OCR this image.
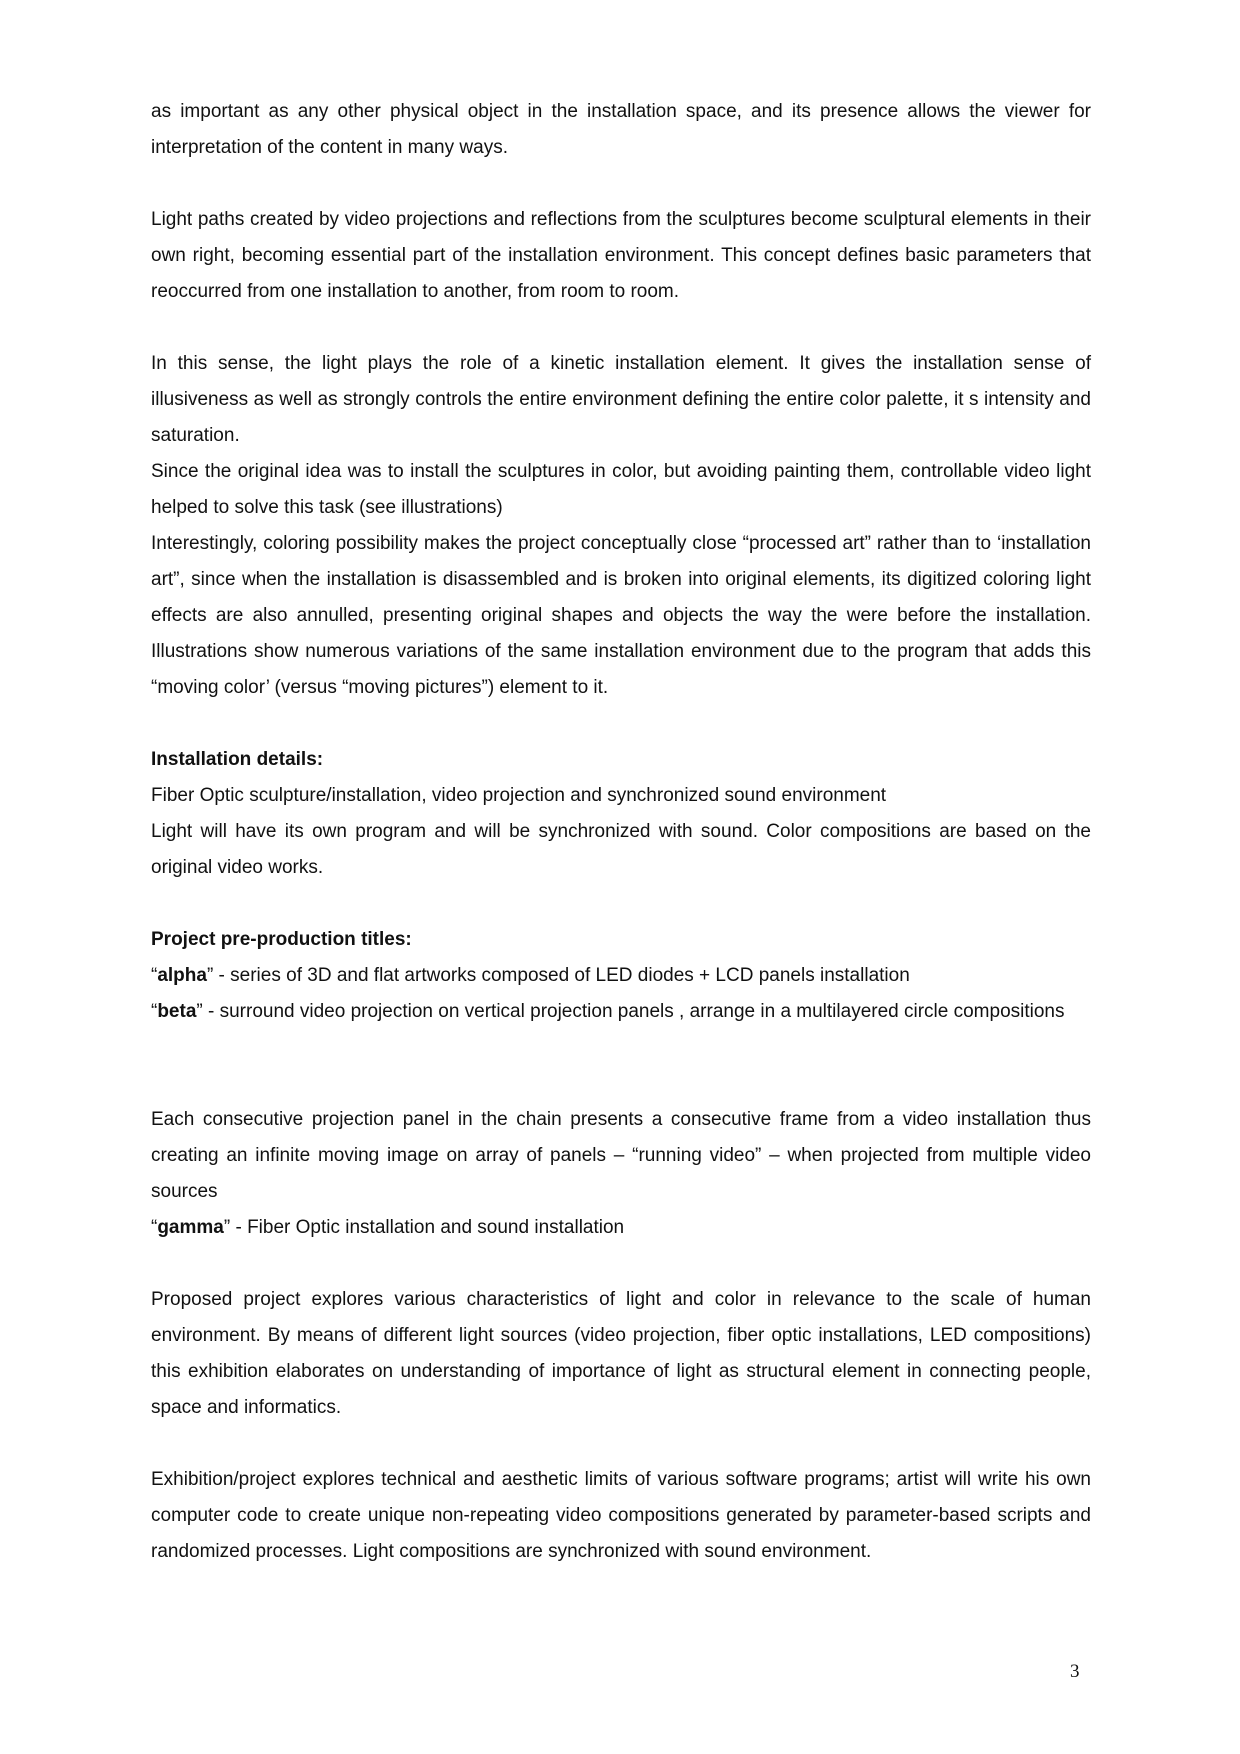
as important as any other physical object in the installation space, and its presence allows the viewer for interpretation of the content in many ways.

Light paths created by video projections and reflections from the sculptures become sculptural elements in their own right, becoming essential part of the installation environment. This concept defines basic parameters that reoccurred from one installation to another, from room to room.

In this sense, the light plays the role of a kinetic installation element. It gives the installation sense of illusiveness as well as strongly controls the entire environment defining the entire color palette, it s intensity and saturation.

Since the original idea was to install the sculptures in color, but avoiding painting them, controllable video light helped to solve this task (see illustrations)

Interestingly, coloring possibility makes the project conceptually close “processed art” rather than to ‘installation art”, since when the installation is disassembled and is broken into original elements, its digitized coloring light effects are also annulled, presenting original shapes and objects the way the were before the installation. Illustrations show numerous variations of the same installation environment due to the program that adds this “moving color’ (versus “moving pictures”) element to it.

Installation details:

Fiber Optic sculpture/installation, video projection and synchronized sound environment

Light will have its own program and will be synchronized with sound. Color compositions are based on the original video works.

Project pre-production titles:

“alpha” - series of 3D and flat artworks composed of LED diodes + LCD panels installation

“beta” - surround video projection on vertical projection panels , arrange in a multilayered circle compositions

Each consecutive projection panel in the chain presents a consecutive frame from a video installation thus creating an infinite moving image on array of panels – “running video” – when projected from multiple video sources

“gamma” - Fiber Optic installation and sound installation

Proposed project explores various characteristics of light and color in relevance to the scale of human environment. By means of different light sources (video projection, fiber optic installations, LED compositions) this exhibition elaborates on understanding of importance of light as structural element in connecting people, space and informatics.

Exhibition/project explores technical and aesthetic limits of various software programs; artist will write his own computer code to create unique non-repeating video compositions generated by parameter-based scripts and randomized processes. Light compositions are synchronized with sound environment.

3
